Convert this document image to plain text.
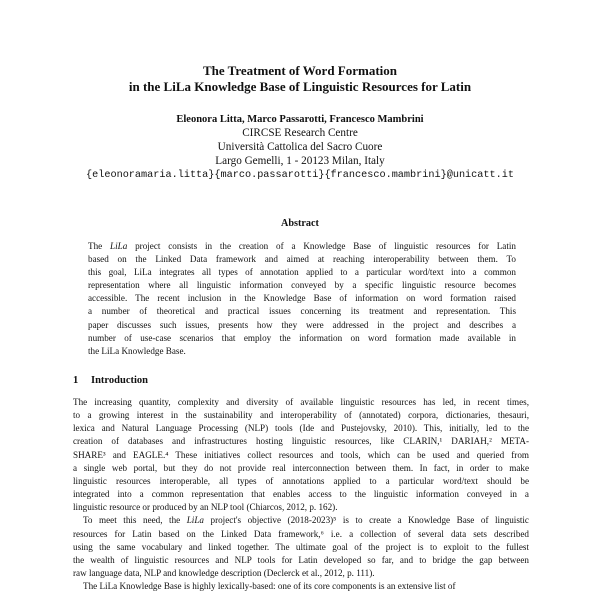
The Treatment of Word Formation
in the LiLa Knowledge Base of Linguistic Resources for Latin
Eleonora Litta, Marco Passarotti, Francesco Mambrini
CIRCSE Research Centre
Università Cattolica del Sacro Cuore
Largo Gemelli, 1 - 20123 Milan, Italy
{eleonoramaria.litta}{marco.passarotti}{francesco.mambrini}@unicatt.it
Abstract
The LiLa project consists in the creation of a Knowledge Base of linguistic resources for Latin
based on the Linked Data framework and aimed at reaching interoperability between them. To
this goal, LiLa integrates all types of annotation applied to a particular word/text into a common
representation where all linguistic information conveyed by a specific linguistic resource becomes
accessible. The recent inclusion in the Knowledge Base of information on word formation raised
a number of theoretical and practical issues concerning its treatment and representation. This
paper discusses such issues, presents how they were addressed in the project and describes a
number of use-case scenarios that employ the information on word formation made available in
the LiLa Knowledge Base.
1 Introduction
The increasing quantity, complexity and diversity of available linguistic resources has led, in recent times,
to a growing interest in the sustainability and interoperability of (annotated) corpora, dictionaries, thesauri,
lexica and Natural Language Processing (NLP) tools (Ide and Pustejovsky, 2010). This, initially, led to the
creation of databases and infrastructures hosting linguistic resources, like CLARIN,¹ DARIAH,² META-
SHARE³ and EAGLE.⁴ These initiatives collect resources and tools, which can be used and queried from
a single web portal, but they do not provide real interconnection between them. In fact, in order to make
linguistic resources interoperable, all types of annotations applied to a particular word/text should be
integrated into a common representation that enables access to the linguistic information conveyed in a
linguistic resource or produced by an NLP tool (Chiarcos, 2012, p. 162).
To meet this need, the LiLa project's objective (2018-2023)⁵ is to create a Knowledge Base of linguistic
resources for Latin based on the Linked Data framework,⁶ i.e. a collection of several data sets described
using the same vocabulary and linked together. The ultimate goal of the project is to exploit to the fullest
the wealth of linguistic resources and NLP tools for Latin developed so far, and to bridge the gap between
raw language data, NLP and knowledge description (Declerck et al., 2012, p. 111).
The LiLa Knowledge Base is highly lexically-based: one of its core components is an extensive list of
